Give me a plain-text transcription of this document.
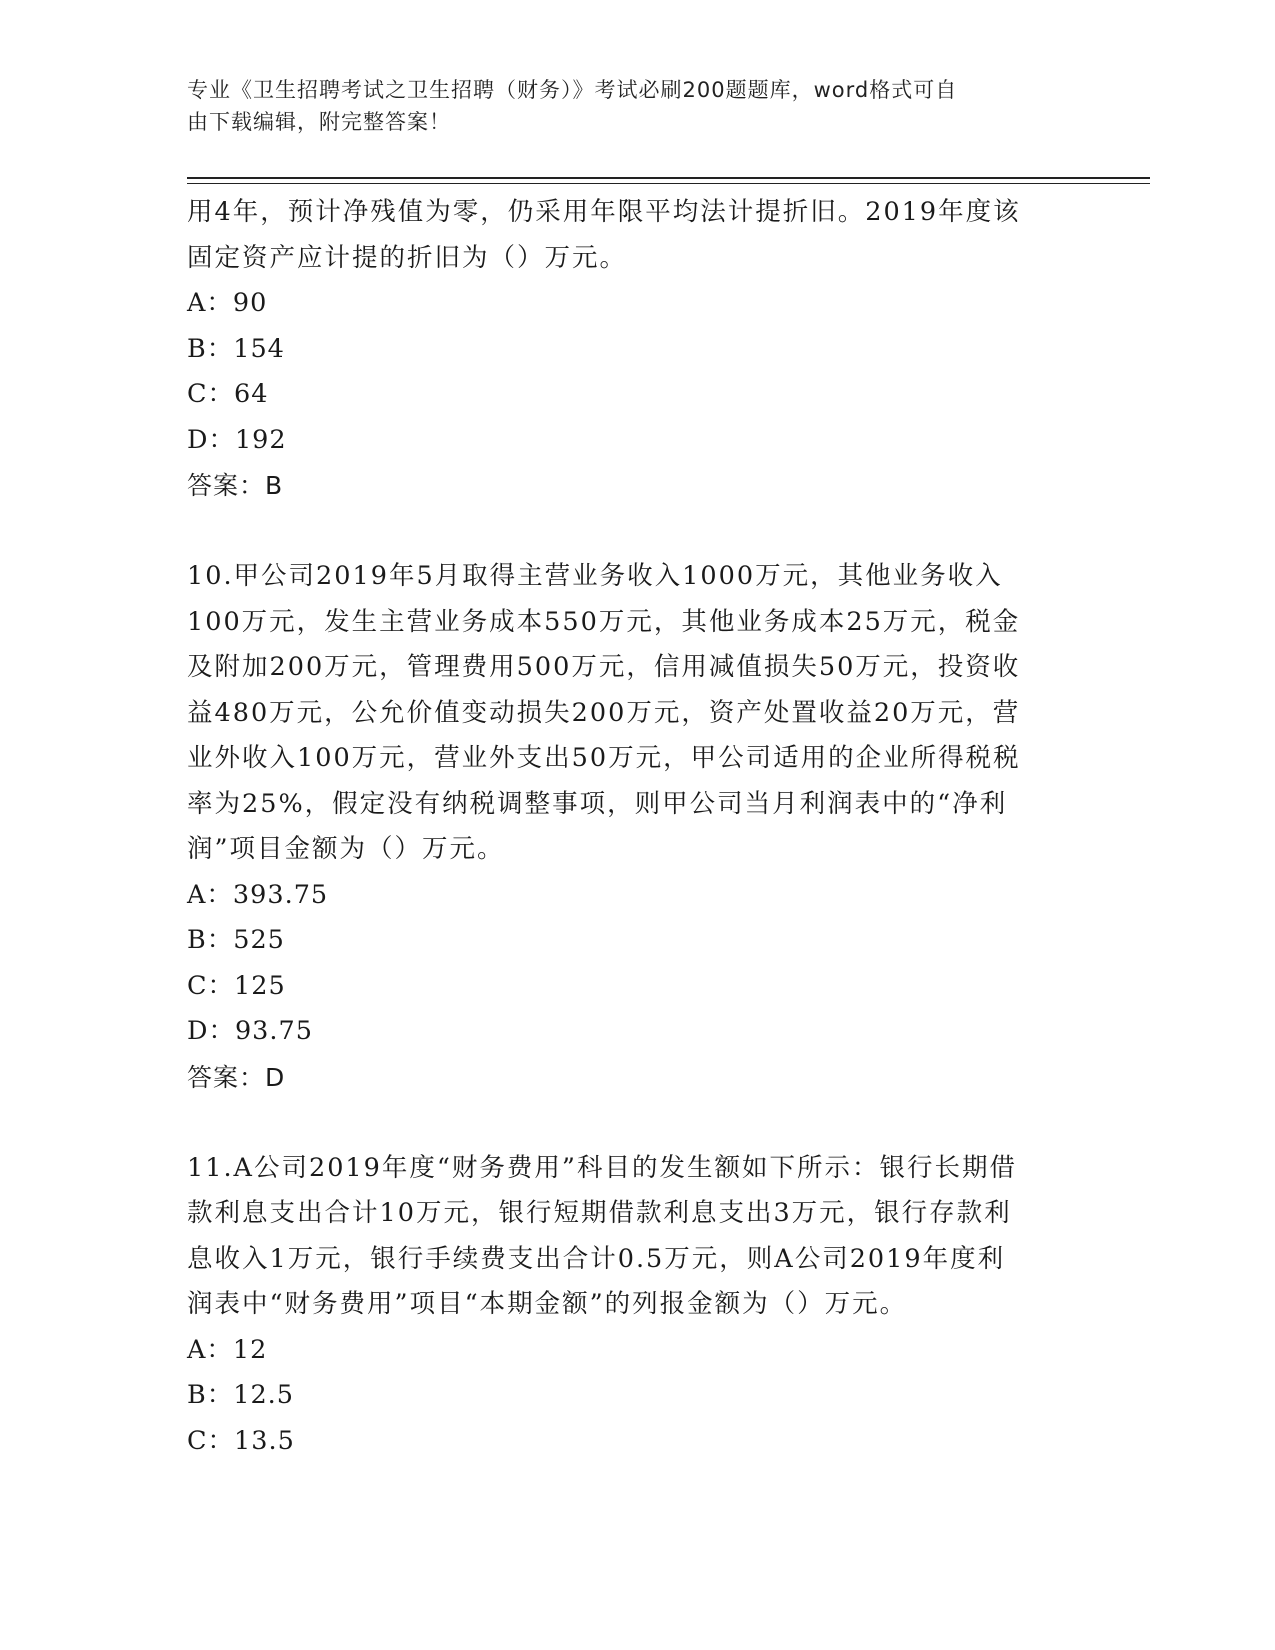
专业《卫生招聘考试之卫生招聘（财务）》考试必刷200题题库，word格式可自
由下载编辑，附完整答案！

用4年，预计净残值为零，仍采用年限平均法计提折旧。2019年度该

固定资产应计提的折旧为（）万元。

A：90

B：154

C：64

D：192

答案：B

10.甲公司2019年5月取得主营业务收入1000万元，其他业务收入

100万元，发生主营业务成本550万元，其他业务成本25万元，税金

及附加200万元，管理费用500万元，信用减值损失50万元，投资收

益480万元，公允价值变动损失200万元，资产处置收益20万元，营

业外收入100万元，营业外支出50万元，甲公司适用的企业所得税税

率为25%，假定没有纳税调整事项，则甲公司当月利润表中的“净利

润”项目金额为（）万元。

A：393.75

B：525

C：125

D：93.75

答案：D

11.A公司2019年度“财务费用”科目的发生额如下所示：银行长期借

款利息支出合计10万元，银行短期借款利息支出3万元，银行存款利

息收入1万元，银行手续费支出合计0.5万元，则A公司2019年度利

润表中“财务费用”项目“本期金额”的列报金额为（）万元。

A：12

B：12.5

C：13.5
